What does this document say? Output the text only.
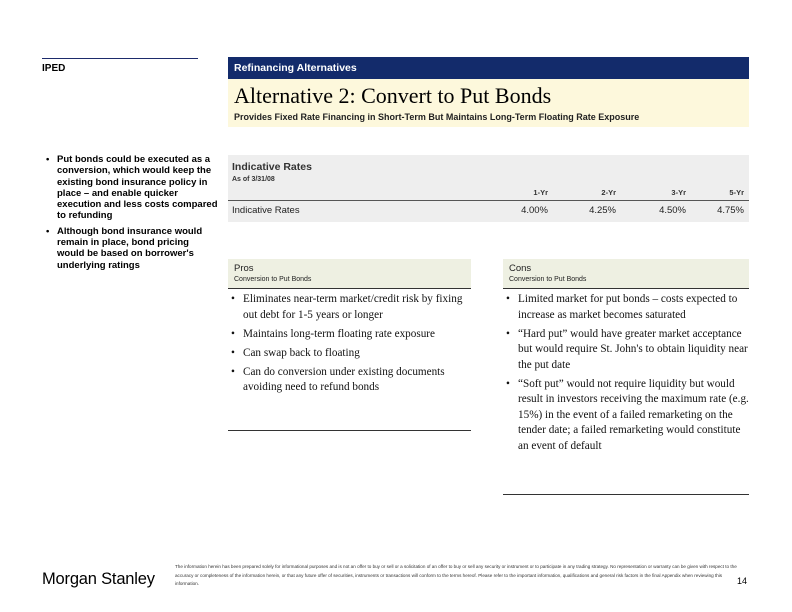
IPED	Refinancing Alternatives
Alternative 2: Convert to Put Bonds
Provides Fixed Rate Financing in Short-Term But Maintains Long-Term Floating Rate Exposure
• Put bonds could be executed as a conversion, which would keep the existing bond insurance policy in place – and enable quicker execution and less costs compared to refunding
• Although bond insurance would remain in place, bond pricing would be based on borrower's underlying ratings
Indicative Rates
As of 3/31/08
1-Yr	2-Yr	3-Yr	5-Yr
Indicative Rates	4.00%	4.25%	4.50%	4.75%
Pros
Conversion to Put Bonds
• Eliminates near-term market/credit risk by fixing out debt for 1-5 years or longer
• Maintains long-term floating rate exposure
• Can swap back to floating
• Can do conversion under existing documents avoiding need to refund bonds
Cons
Conversion to Put Bonds
• Limited market for put bonds – costs expected to increase as market becomes saturated
• “Hard put” would have greater market acceptance but would require St. John's to obtain liquidity near the put date
• “Soft put” would not require liquidity but would result in investors receiving the maximum rate (e.g. 15%) in the event of a failed remarketing on the tender date; a failed remarketing would constitute an event of default
Morgan Stanley
The information herein has been prepared solely for informational purposes and is not an offer to buy or sell or a solicitation of an offer to buy or sell any security or instrument or to participate in any trading strategy. No representation or warranty can be given with respect to the accuracy or completeness of the information herein, or that any future offer of securities, instruments or transactions will conform to the terms hereof. Please refer to the important information, qualifications and general risk factors in the final Appendix when reviewing this information.	14
